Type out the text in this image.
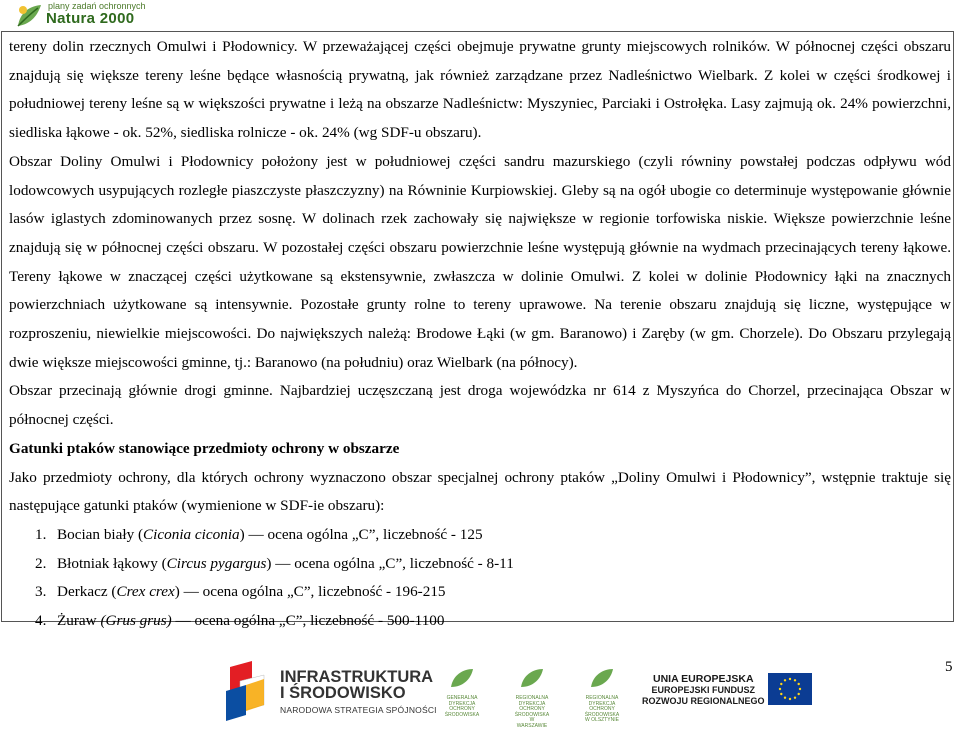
plany zadań ochronnych
Natura 2000

tereny dolin rzecznych Omulwi i Płodownicy. W przeważającej części obejmuje prywatne grunty miejscowych rolników. W północnej części obszaru znajdują się większe tereny leśne będące własnością prywatną, jak również zarządzane przez Nadleśnictwo Wielbark. Z kolei w części środkowej i południowej tereny leśne są w większości prywatne i leżą na obszarze Nadleśnictw: Myszyniec, Parciaki i Ostrołęka. Lasy zajmują ok. 24% powierzchni, siedliska łąkowe - ok. 52%, siedliska rolnicze - ok. 24% (wg SDF-u obszaru).

Obszar Doliny Omulwi i Płodownicy położony jest w południowej części sandru mazurskiego (czyli równiny powstałej podczas odpływu wód lodowcowych usypujących rozległe piaszczyste płaszczyzny) na Równinie Kurpiowskiej. Gleby są na ogół ubogie co determinuje występowanie głównie lasów iglastych zdominowanych przez sosnę. W dolinach rzek zachowały się największe w regionie torfowiska niskie. Większe powierzchnie leśne znajdują się w północnej części obszaru. W pozostałej części obszaru powierzchnie leśne występują głównie na wydmach przecinających tereny łąkowe. Tereny łąkowe w znaczącej części użytkowane są ekstensywnie, zwłaszcza w dolinie Omulwi. Z kolei w dolinie Płodownicy łąki na znacznych powierzchniach użytkowane są intensywnie. Pozostałe grunty rolne to tereny uprawowe. Na terenie obszaru znajdują się liczne, występujące w rozproszeniu, niewielkie miejscowości. Do największych należą: Brodowe Łąki (w gm. Baranowo) i Zaręby (w gm. Chorzele). Do Obszaru przylegają dwie większe miejscowości gminne, tj.: Baranowo (na południu) oraz Wielbark (na północy).

Obszar przecinają głównie drogi gminne. Najbardziej uczęszczaną jest droga wojewódzka nr 614 z Myszyńca do Chorzel, przecinająca Obszar w północnej części.

Gatunki ptaków stanowiące przedmioty ochrony w obszarze

Jako przedmioty ochrony, dla których ochrony wyznaczono obszar specjalnej ochrony ptaków „Doliny Omulwi i Płodownicy”, wstępnie traktuje się następujące gatunki ptaków (wymienione w SDF-ie obszaru):

1. Bocian biały (Ciconia ciconia) — ocena ogólna „C”, liczebność - 125
2. Błotniak łąkowy (Circus pygargus) — ocena ogólna „C”, liczebność - 8-11
3. Derkacz (Crex crex) — ocena ogólna „C”, liczebność - 196-215
4. Żuraw (Grus grus) — ocena ogólna „C”, liczebność - 500-1100
5
INFRASTRUKTURA
I ŚRODOWISKO
NARODOWA STRATEGIA SPÓJNOŚCI
GENERALNA DYREKCJA OCHRONY ŚRODOWISKA
REGIONALNA DYREKCJA OCHRONY ŚRODOWISKA W WARSZAWIE
REGIONALNA DYREKCJA OCHRONY ŚRODOWISKA W OLSZTYNIE
UNIA EUROPEJSKA
EUROPEJSKI FUNDUSZ
ROZWOJU REGIONALNEGO
